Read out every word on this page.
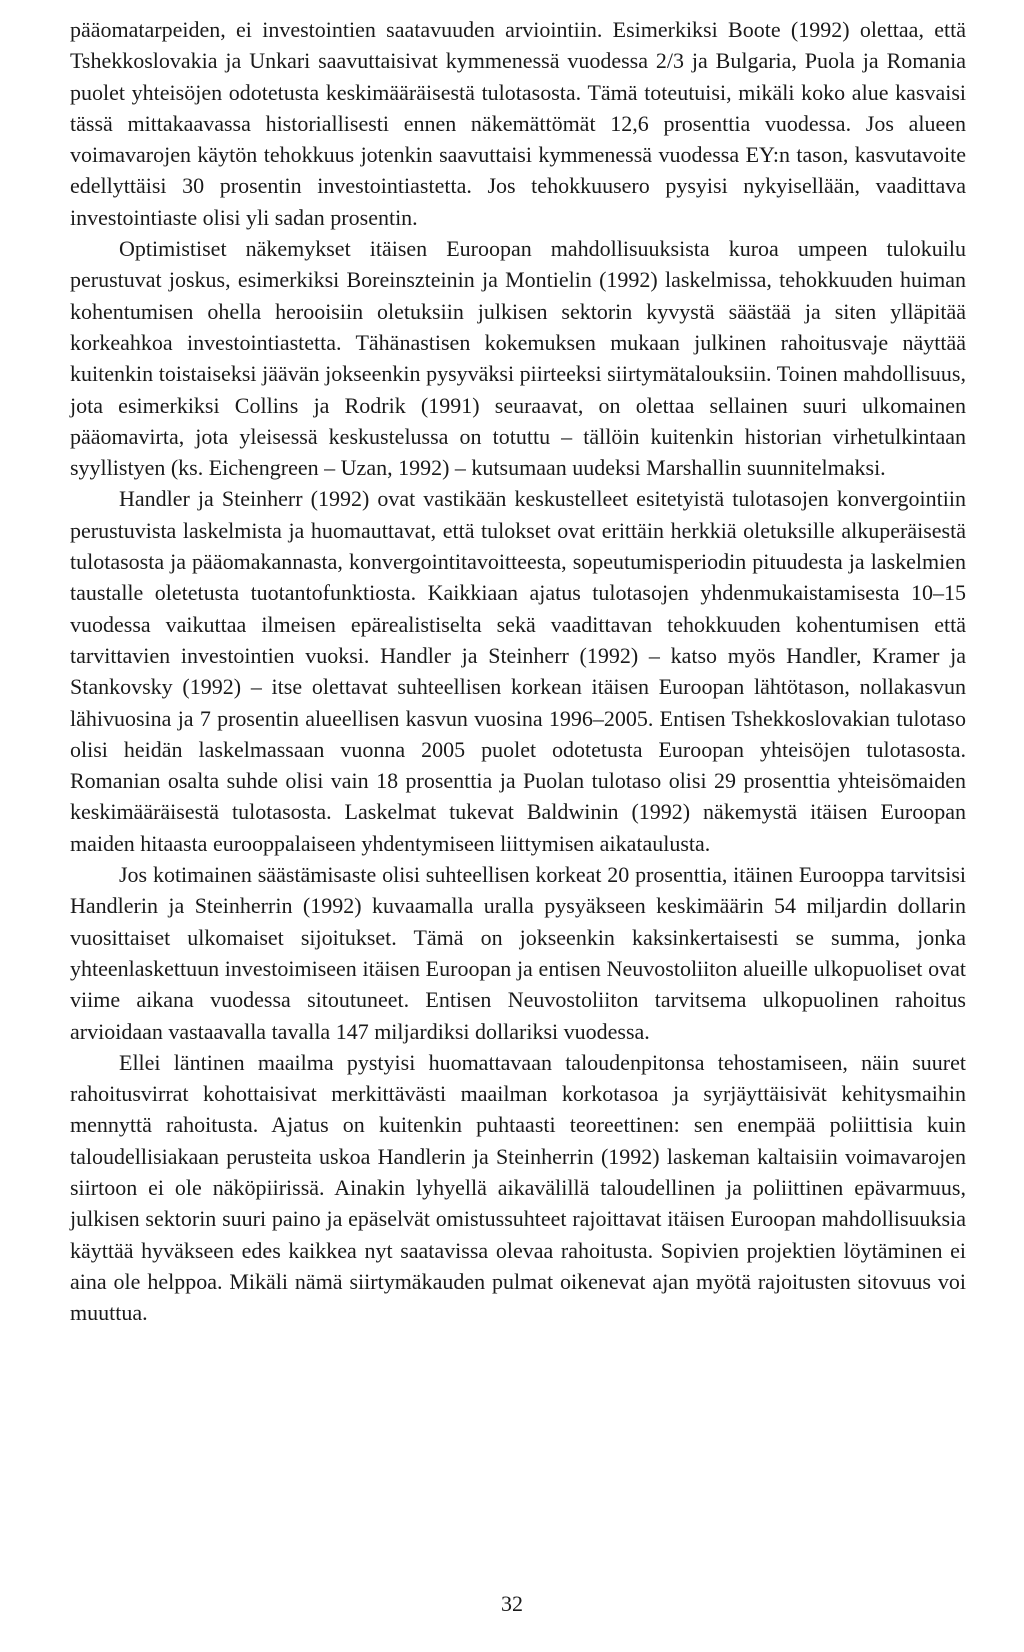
pääomatarpeiden, ei investointien saatavuuden arviointiin. Esimerkiksi Boote (1992) olettaa, että Tshekkoslovakia ja Unkari saavuttaisivat kymmenessä vuodessa 2/3 ja Bulgaria, Puola ja Romania puolet yhteisöjen odotetusta keskimääräisestä tulotasosta. Tämä toteutuisi, mikäli koko alue kasvaisi tässä mittakaavassa historiallisesti ennen näkemättömät 12,6 prosenttia vuodessa. Jos alueen voimavarojen käytön tehokkuus jotenkin saavuttaisi kymmenessä vuodessa EY:n tason, kasvutavoite edellyttäisi 30 prosentin investointiastetta. Jos tehokkuusero pysyisi nykyisellään, vaadittava investointiaste olisi yli sadan prosentin.

Optimistiset näkemykset itäisen Euroopan mahdollisuuksista kuroa umpeen tulokuilu perustuvat joskus, esimerkiksi Boreinszteinin ja Montielin (1992) laskelmissa, tehokkuuden huiman kohentumisen ohella herooisiin oletuksiin julkisen sektorin kyvystä säästää ja siten ylläpitää korkeahkoa investointiastetta. Tähänastisen kokemuksen mukaan julkinen rahoitusvaje näyttää kuitenkin toistaiseksi jäävän jokseenkin pysyväksi piirteeksi siirtymätalouksiin. Toinen mahdollisuus, jota esimerkiksi Collins ja Rodrik (1991) seuraavat, on olettaa sellainen suuri ulkomainen pääomavirta, jota yleisessä keskustelussa on totuttu – tällöin kuitenkin historian virhetulkintaan syyllistyen (ks. Eichengreen – Uzan, 1992) – kutsumaan uudeksi Marshallin suunnitelmaksi.

Handler ja Steinherr (1992) ovat vastikään keskustelleet esitetyistä tulotasojen konvergointiin perustuvista laskelmista ja huomauttavat, että tulokset ovat erittäin herkkiä oletuksille alkuperäisestä tulotasosta ja pääomakannasta, konvergointitavoitteesta, sopeutumisperiodin pituudesta ja laskelmien taustalle oletetusta tuotantofunktiosta. Kaikkiaan ajatus tulotasojen yhdenmukaistamisesta 10–15 vuodessa vaikuttaa ilmeisen epärealistiselta sekä vaadittavan tehokkuuden kohentumisen että tarvittavien investointien vuoksi. Handler ja Steinherr (1992) – katso myös Handler, Kramer ja Stankovsky (1992) – itse olettavat suhteellisen korkean itäisen Euroopan lähtötason, nollakasvun lähivuosina ja 7 prosentin alueellisen kasvun vuosina 1996–2005. Entisen Tshekkoslovakian tulotaso olisi heidän laskelmassaan vuonna 2005 puolet odotetusta Euroopan yhteisöjen tulotasosta. Romanian osalta suhde olisi vain 18 prosenttia ja Puolan tulotaso olisi 29 prosenttia yhteisömaiden keskimääräisestä tulotasosta. Laskelmat tukevat Baldwinin (1992) näkemystä itäisen Euroopan maiden hitaasta eurooppalaiseen yhdentymiseen liittymisen aikataulusta.

Jos kotimainen säästämisaste olisi suhteellisen korkeat 20 prosenttia, itäinen Eurooppa tarvitsisi Handlerin ja Steinherrin (1992) kuvaamalla uralla pysyäkseen keskimäärin 54 miljardin dollarin vuosittaiset ulkomaiset sijoitukset. Tämä on jokseenkin kaksinkertaisesti se summa, jonka yhteenlaskettuun investoimiseen itäisen Euroopan ja entisen Neuvostoliiton alueille ulkopuoliset ovat viime aikana vuodessa sitoutuneet. Entisen Neuvostoliiton tarvitsema ulkopuolinen rahoitus arvioidaan vastaavalla tavalla 147 miljardiksi dollariksi vuodessa.

Ellei läntinen maailma pystyisi huomattavaan taloudenpitonsa tehostamiseen, näin suuret rahoitusvirrat kohottaisivat merkittävästi maailman korkotasoa ja syrjäyttäisivät kehitysmaihin mennyttä rahoitusta. Ajatus on kuitenkin puhtaasti teoreettinen: sen enempää poliittisia kuin taloudellisiakaan perusteita uskoa Handlerin ja Steinherrin (1992) laskeman kaltaisiin voimavarojen siirtoon ei ole näköpiirissä. Ainakin lyhyellä aikavälillä taloudellinen ja poliittinen epävarmuus, julkisen sektorin suuri paino ja epäselvät omistussuhteet rajoittavat itäisen Euroopan mahdollisuuksia käyttää hyväkseen edes kaikkea nyt saatavissa olevaa rahoitusta. Sopivien projektien löytäminen ei aina ole helppoa. Mikäli nämä siirtymäkauden pulmat oikenevat ajan myötä rajoitusten sitovuus voi muuttua.

32
